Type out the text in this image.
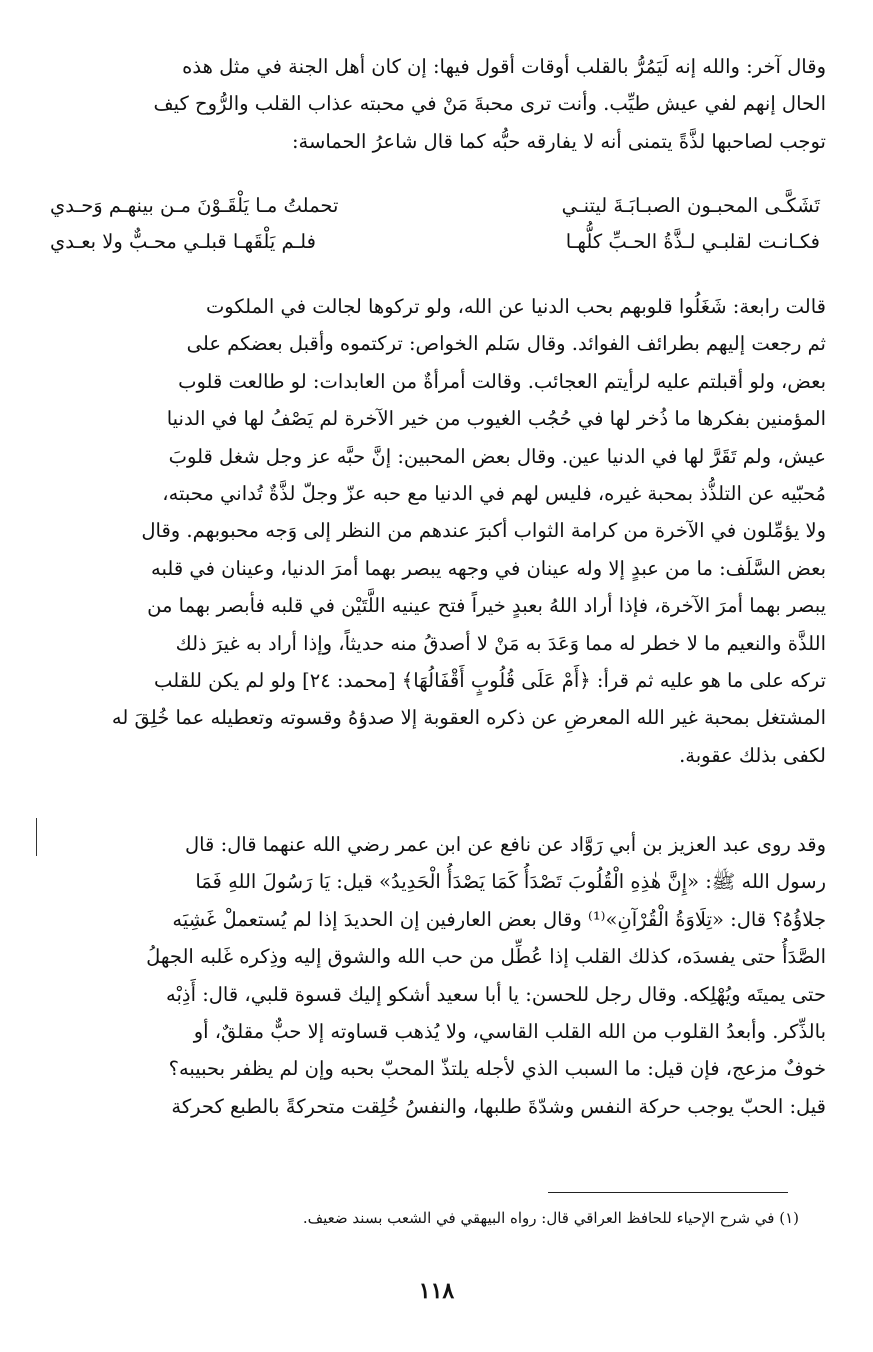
وقال آخر: والله إنه لَيَمُرُّ بالقلب أوقات أقول فيها: إن كان أهل الجنة في مثل هذه
الحال إنهم لفي عيش طيِّب. وأنت ترى محبةَ مَنْ في محبته عذاب القلب والرُّوح كيف
توجب لصاحبها لذَّةً يتمنى أنه لا يفارقه حبُّه كما قال شاعرُ الحماسة:
تَشَكَّـى المحبـون الصبـابَـةَ ليتنـي
تحملتُ مـا يَلْقَـوْنَ مـن بينهـم وَحـدي
فكـانـت لقلبـي لـذَّةُ الحـبِّ كلُّهـا
فلـم يَلْقَهـا قبلـي محـبٌّ ولا بعـدي
قالت رابعة: شَغَلُوا قلوبهم بحب الدنيا عن الله، ولو تركوها لجالت في الملكوت
ثم رجعت إليهم بطرائف الفوائد. وقال سَلم الخواص: تركتموه وأقبل بعضكم على
بعض، ولو أقبلتم عليه لرأيتم العجائب. وقالت أمرأةٌ من العابدات: لو طالعت قلوب
المؤمنين بفكرها ما ذُخر لها في حُجُب الغيوب من خير الآخرة لم يَصْفُ لها في الدنيا
عيش، ولم تَقَرَّ لها في الدنيا عين. وقال بعض المحبين: إنَّ حبَّه عز وجل شغل قلوبَ
مُحبّيه عن التلذُّذ بمحبة غيره، فليس لهم في الدنيا مع حبه عزّ وجلّ لذَّةٌ تُداني محبته،
ولا يؤمِّلون في الآخرة من كرامة الثواب أكبرَ عندهم من النظر إلى وَجه محبوبهم. وقال
بعض السَّلَف: ما من عبدٍ إلا وله عينان في وجهه يبصر بهما أمرَ الدنيا، وعينان في قلبه
يبصر بهما أمرَ الآخرة، فإذا أراد اللهُ بعبدٍ خيراً فتح عينيه اللَّتَيْن في قلبه فأبصر بهما من
اللذَّة والنعيم ما لا خطر له مما وَعَدَ به مَنْ لا أصدقُ منه حديثاً، وإذا أراد به غيرَ ذلك
تركه على ما هو عليه ثم قرأ: ﴿أَمْ عَلَى قُلُوبٍ أَقْفَالُهَا﴾ [محمد: ٢٤] ولو لم يكن للقلب
المشتغل بمحبة غير الله المعرضِ عن ذكره العقوبة إلا صدؤهُ وقسوته وتعطيله عما خُلِقَ له
لكفى بذلك عقوبة.
وقد روى عبد العزيز بن أبي رَوَّاد عن نافع عن ابن عمر رضي الله عنهما قال: قال
رسول الله ﷺ: «إِنَّ هٰذِهِ الْقُلُوبَ تَصْدَأُ كَمَا يَصْدَأُ الْحَدِيدُ» قيل: يَا رَسُولَ اللهِ فَمَا
جلاؤُهُ؟ قال: «تِلَاوَةُ الْقُرْآنِ»⁽¹⁾ وقال بعض العارفين إن الحديدَ إذا لم يُستعملْ غَشِيَه
الصَّدَأُ حتى يفسدَه، كذلك القلب إذا عُطِّل من حب الله والشوق إليه وذِكره غَلبه الجهلُ
حتى يميتَه ويُهْلِكه. وقال رجل للحسن: يا أبا سعيد أشكو إليك قسوة قلبي، قال: أَذِبْه
بالذِّكر. وأبعدُ القلوب من الله القلب القاسي، ولا يُذهب قساوته إلا حبٌّ مقلقٌ، أو
خوفٌ مزعج، فإن قيل: ما السبب الذي لأجله يلتذّ المحبّ بحبه وإن لم يظفر بحبيبه؟
قيل: الحبّ يوجب حركة النفس وشدّةَ طلبها، والنفسُ خُلِقت متحركةً بالطبع كحركة
(١) في شرح الإحياء للحافظ العراقي قال: رواه البيهقي في الشعب بسند ضعيف.
١١٨
